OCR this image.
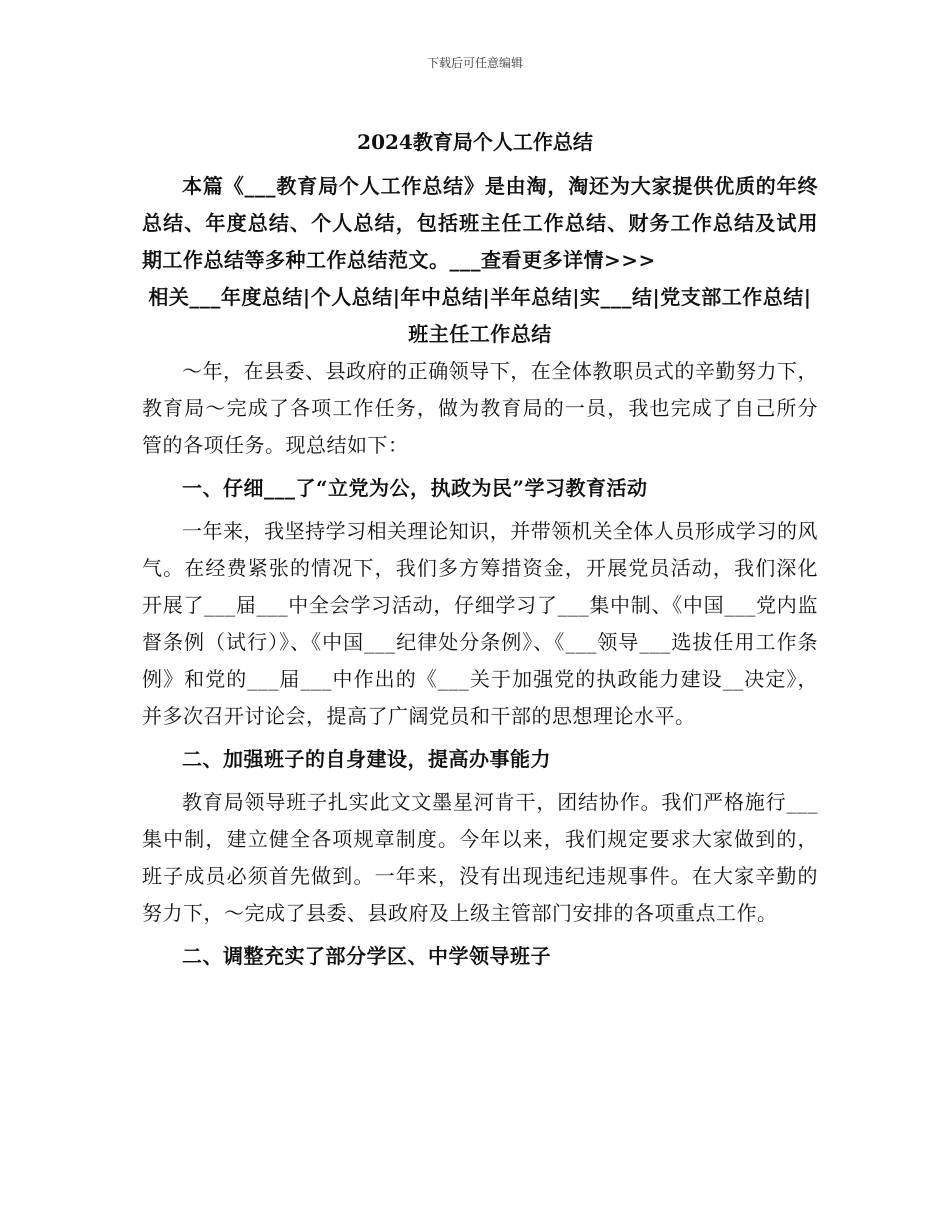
下载后可任意编辑
2024教育局个人工作总结

本篇《___教育局个人工作总结》是由淘，淘还为大家提供优质的年终总结、年度总结、个人总结，包括班主任工作总结、财务工作总结及试用期工作总结等多种工作总结范文。___查看更多详情>>>

相关___年度总结|个人总结|年中总结|半年总结|实___结|党支部工作总结|班主任工作总结

～年，在县委、县政府的正确领导下，在全体教职员式的辛勤努力下，教育局～完成了各项工作任务，做为教育局的一员，我也完成了自己所分管的各项任务。现总结如下：

一、仔细___了“立党为公，执政为民”学习教育活动

一年来，我坚持学习相关理论知识，并带领机关全体人员形成学习的风气。在经费紧张的情况下，我们多方筹措资金，开展党员活动，我们深化开展了___届___中全会学习活动，仔细学习了___集中制、《中国___党内监督条例（试行）》、《中国___纪律处分条例》、《___领导___选拔任用工作条例》和党的___届___中作出的《___关于加强党的执政能力建设__决定》，并多次召开讨论会，提高了广阔党员和干部的思想理论水平。

二、加强班子的自身建设，提高办事能力

教育局领导班子扎实此文文墨星河肯干，团结协作。我们严格施行___集中制，建立健全各项规章制度。今年以来，我们规定要求大家做到的，班子成员必须首先做到。一年来，没有出现违纪违规事件。在大家辛勤的努力下，～完成了县委、县政府及上级主管部门安排的各项重点工作。

二、调整充实了部分学区、中学领导班子
